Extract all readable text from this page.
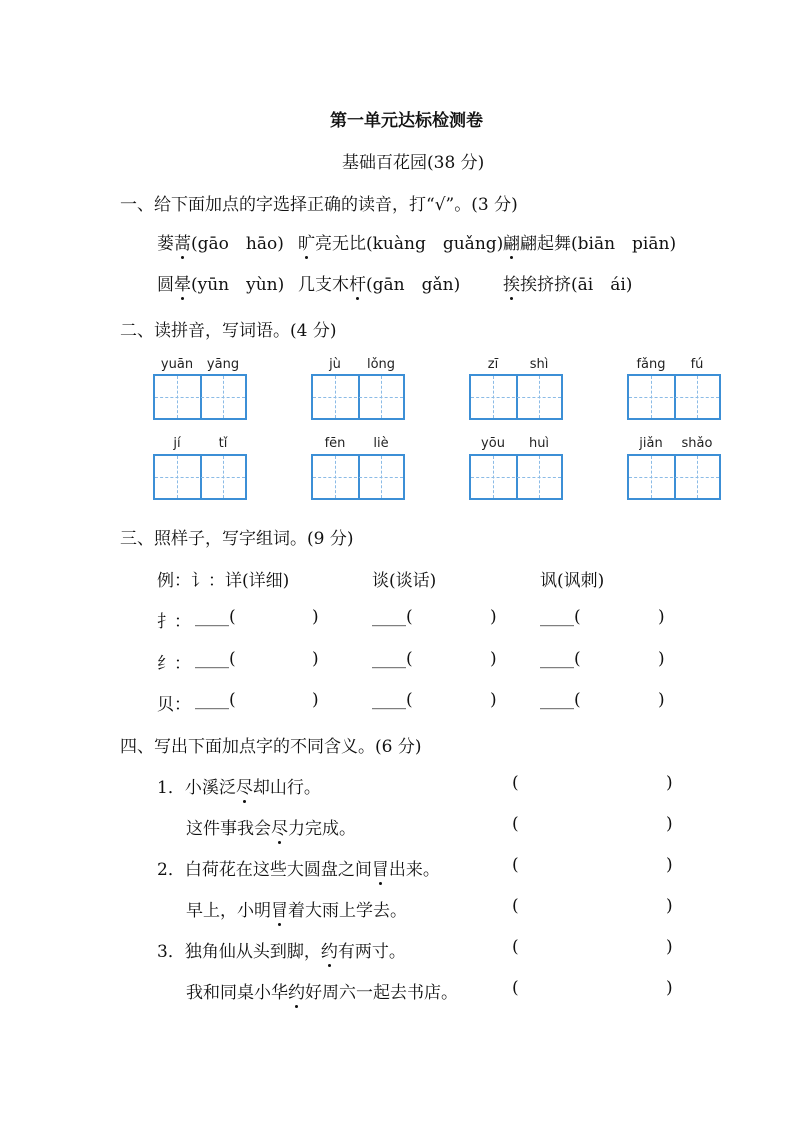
第一单元达标检测卷
基础百花园(38 分)
一、给下面加点的字选择正确的读音，打“√”。(3 分)
蒌蒿(gāo　hāo) 旷亮无比(kuàng　guǎng) 翩翩起舞(biān　piān)
圆晕(yūn　yùn) 几支木杆(gān　gǎn)	挨挨挤挤(āi　ái)
二、读拼音，写词语。(4 分)
yuān	yāng	jù	lǒng	zī	shì	fǎng	fú
jí	tǐ	fēn	liè	yōu	huì	jiǎn	shǎo
三、照样子，写字组词。(9 分)
例：讠：详(详细)	谈(谈话)	讽(讽刺)
扌： ____(	)	____(	)	____(	)
纟： ____(	)	____(	)	____(	)
贝： ____(	)	____(	)	____(	)
四、写出下面加点字的不同含义。(6 分)
1．小溪泛尽却山行。	(	)
这件事我会尽力完成。	(	)
2．白荷花在这些大圆盘之间冒出来。	(	)
早上，小明冒着大雨上学去。	(	)
3．独角仙从头到脚，约有两寸。	(	)
我和同桌小华约好周六一起去书店。	(	)
